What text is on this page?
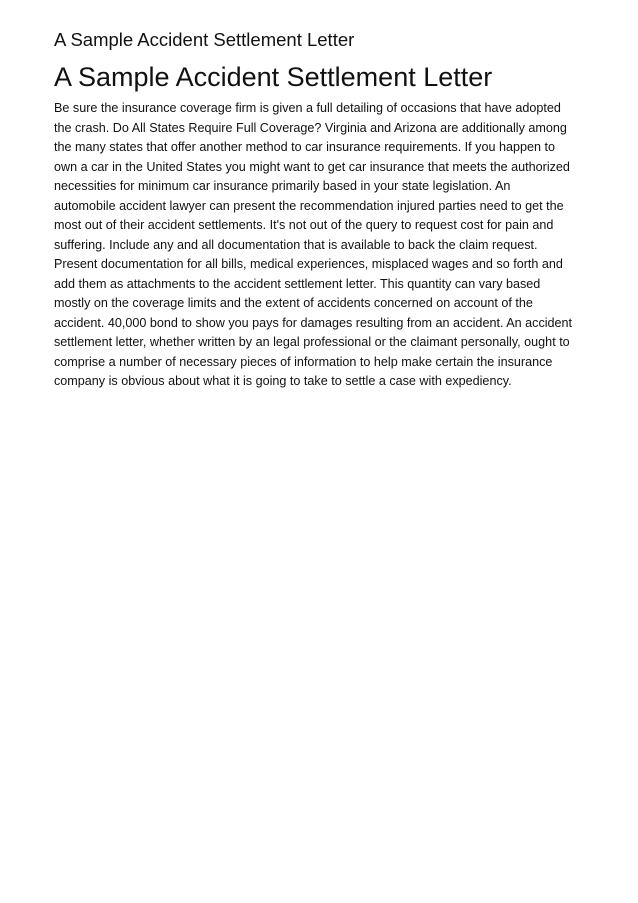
A Sample Accident Settlement Letter
A Sample Accident Settlement Letter

Be sure the insurance coverage firm is given a full detailing of occasions that have adopted
the crash. Do All States Require Full Coverage? Virginia and Arizona are additionally among
the many states that offer another method to car insurance requirements. If you happen to
own a car in the United States you might want to get car insurance that meets the authorized
necessities for minimum car insurance primarily based in your state legislation. An
automobile accident lawyer can present the recommendation injured parties need to get the
most out of their accident settlements. It's not out of the query to request cost for pain and
suffering. Include any and all documentation that is available to back the claim request.
Present documentation for all bills, medical experiences, misplaced wages and so forth and
add them as attachments to the accident settlement letter. This quantity can vary based
mostly on the coverage limits and the extent of accidents concerned on account of the
accident. 40,000 bond to show you pays for damages resulting from an accident. An accident
settlement letter, whether written by an legal professional or the claimant personally, ought to
comprise a number of necessary pieces of information to help make certain the insurance
company is obvious about what it is going to take to settle a case with expediency.
